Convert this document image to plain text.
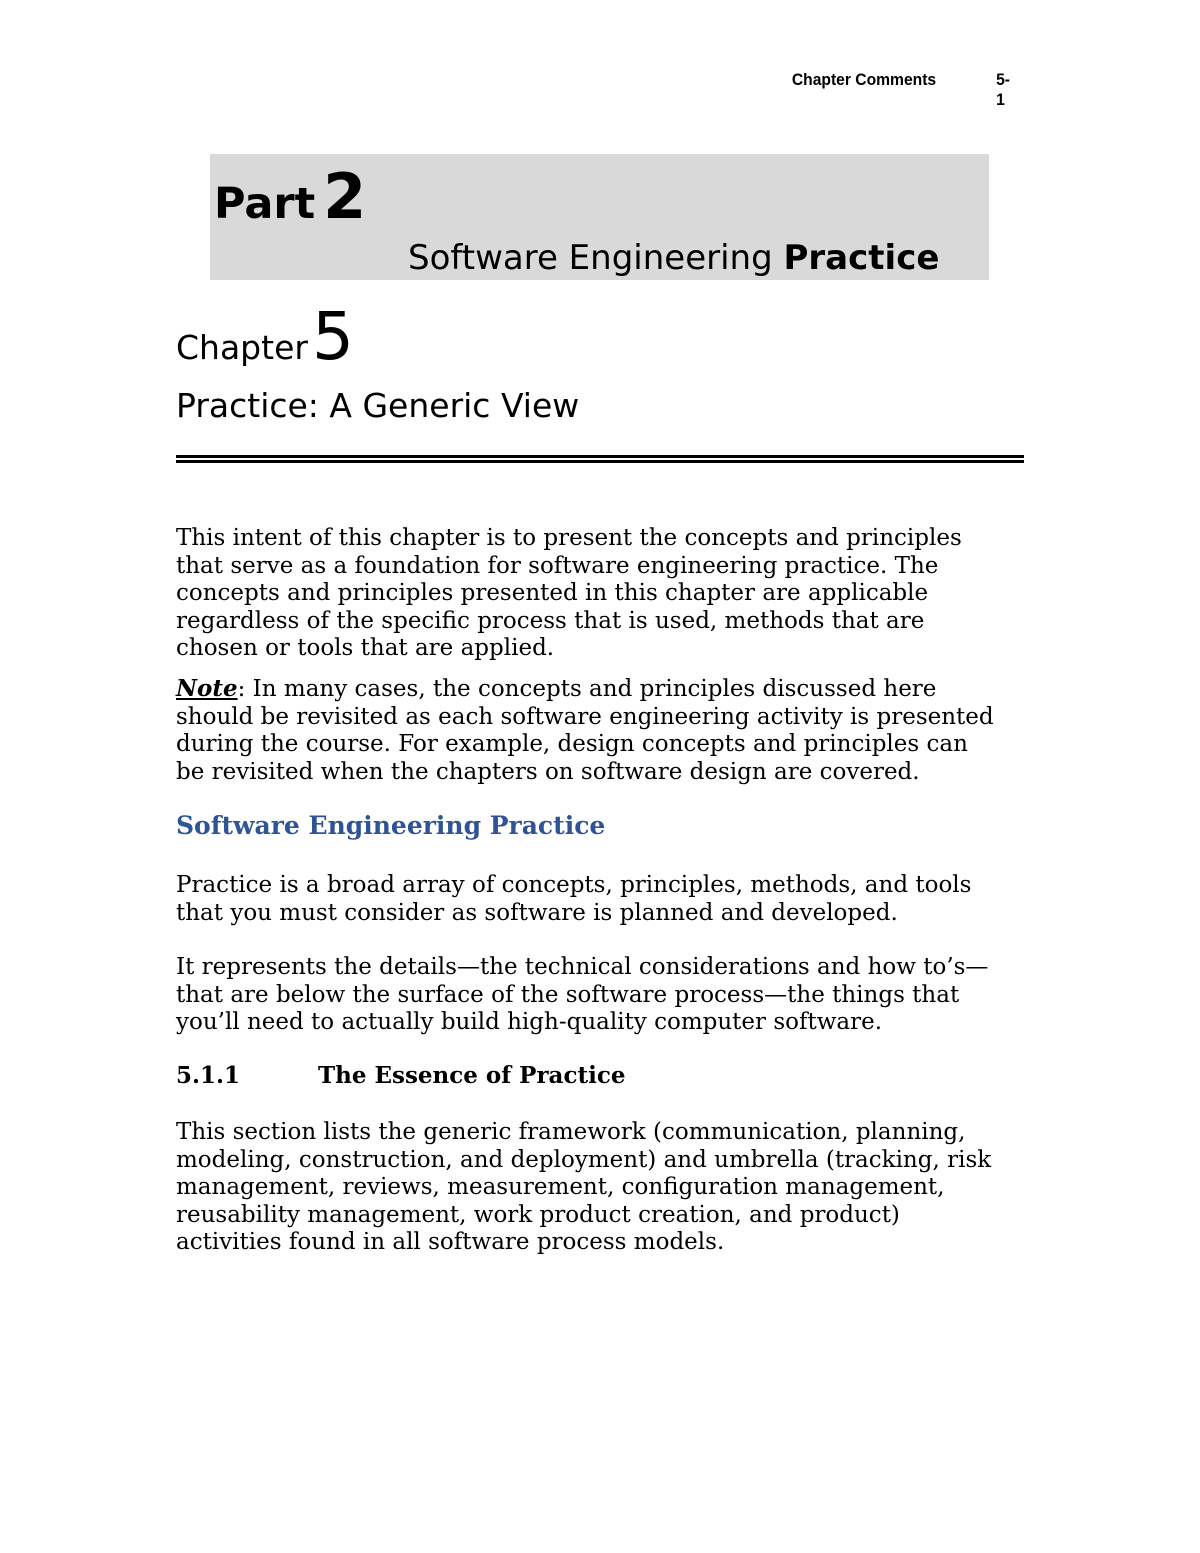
Chapter Comments	5-1
Part 2
Software Engineering Practice
Chapter5
Practice: A Generic View

This intent of this chapter is to present the concepts and principles
that serve as a foundation for software engineering practice. The
concepts and principles presented in this chapter are applicable
regardless of the specific process that is used, methods that are
chosen or tools that are applied.

Note: In many cases, the concepts and principles discussed here
should be revisited as each software engineering activity is presented
during the course. For example, design concepts and principles can
be revisited when the chapters on software design are covered.

Software Engineering Practice

Practice is a broad array of concepts, principles, methods, and tools
that you must consider as software is planned and developed.

It represents the details—the technical considerations and how to’s—
that are below the surface of the software process—the things that
you’ll need to actually build high-quality computer software.

5.1.1	The Essence of Practice

This section lists the generic framework (communication, planning,
modeling, construction, and deployment) and umbrella (tracking, risk
management, reviews, measurement, configuration management,
reusability management, work product creation, and product)
activities found in all software process models.
